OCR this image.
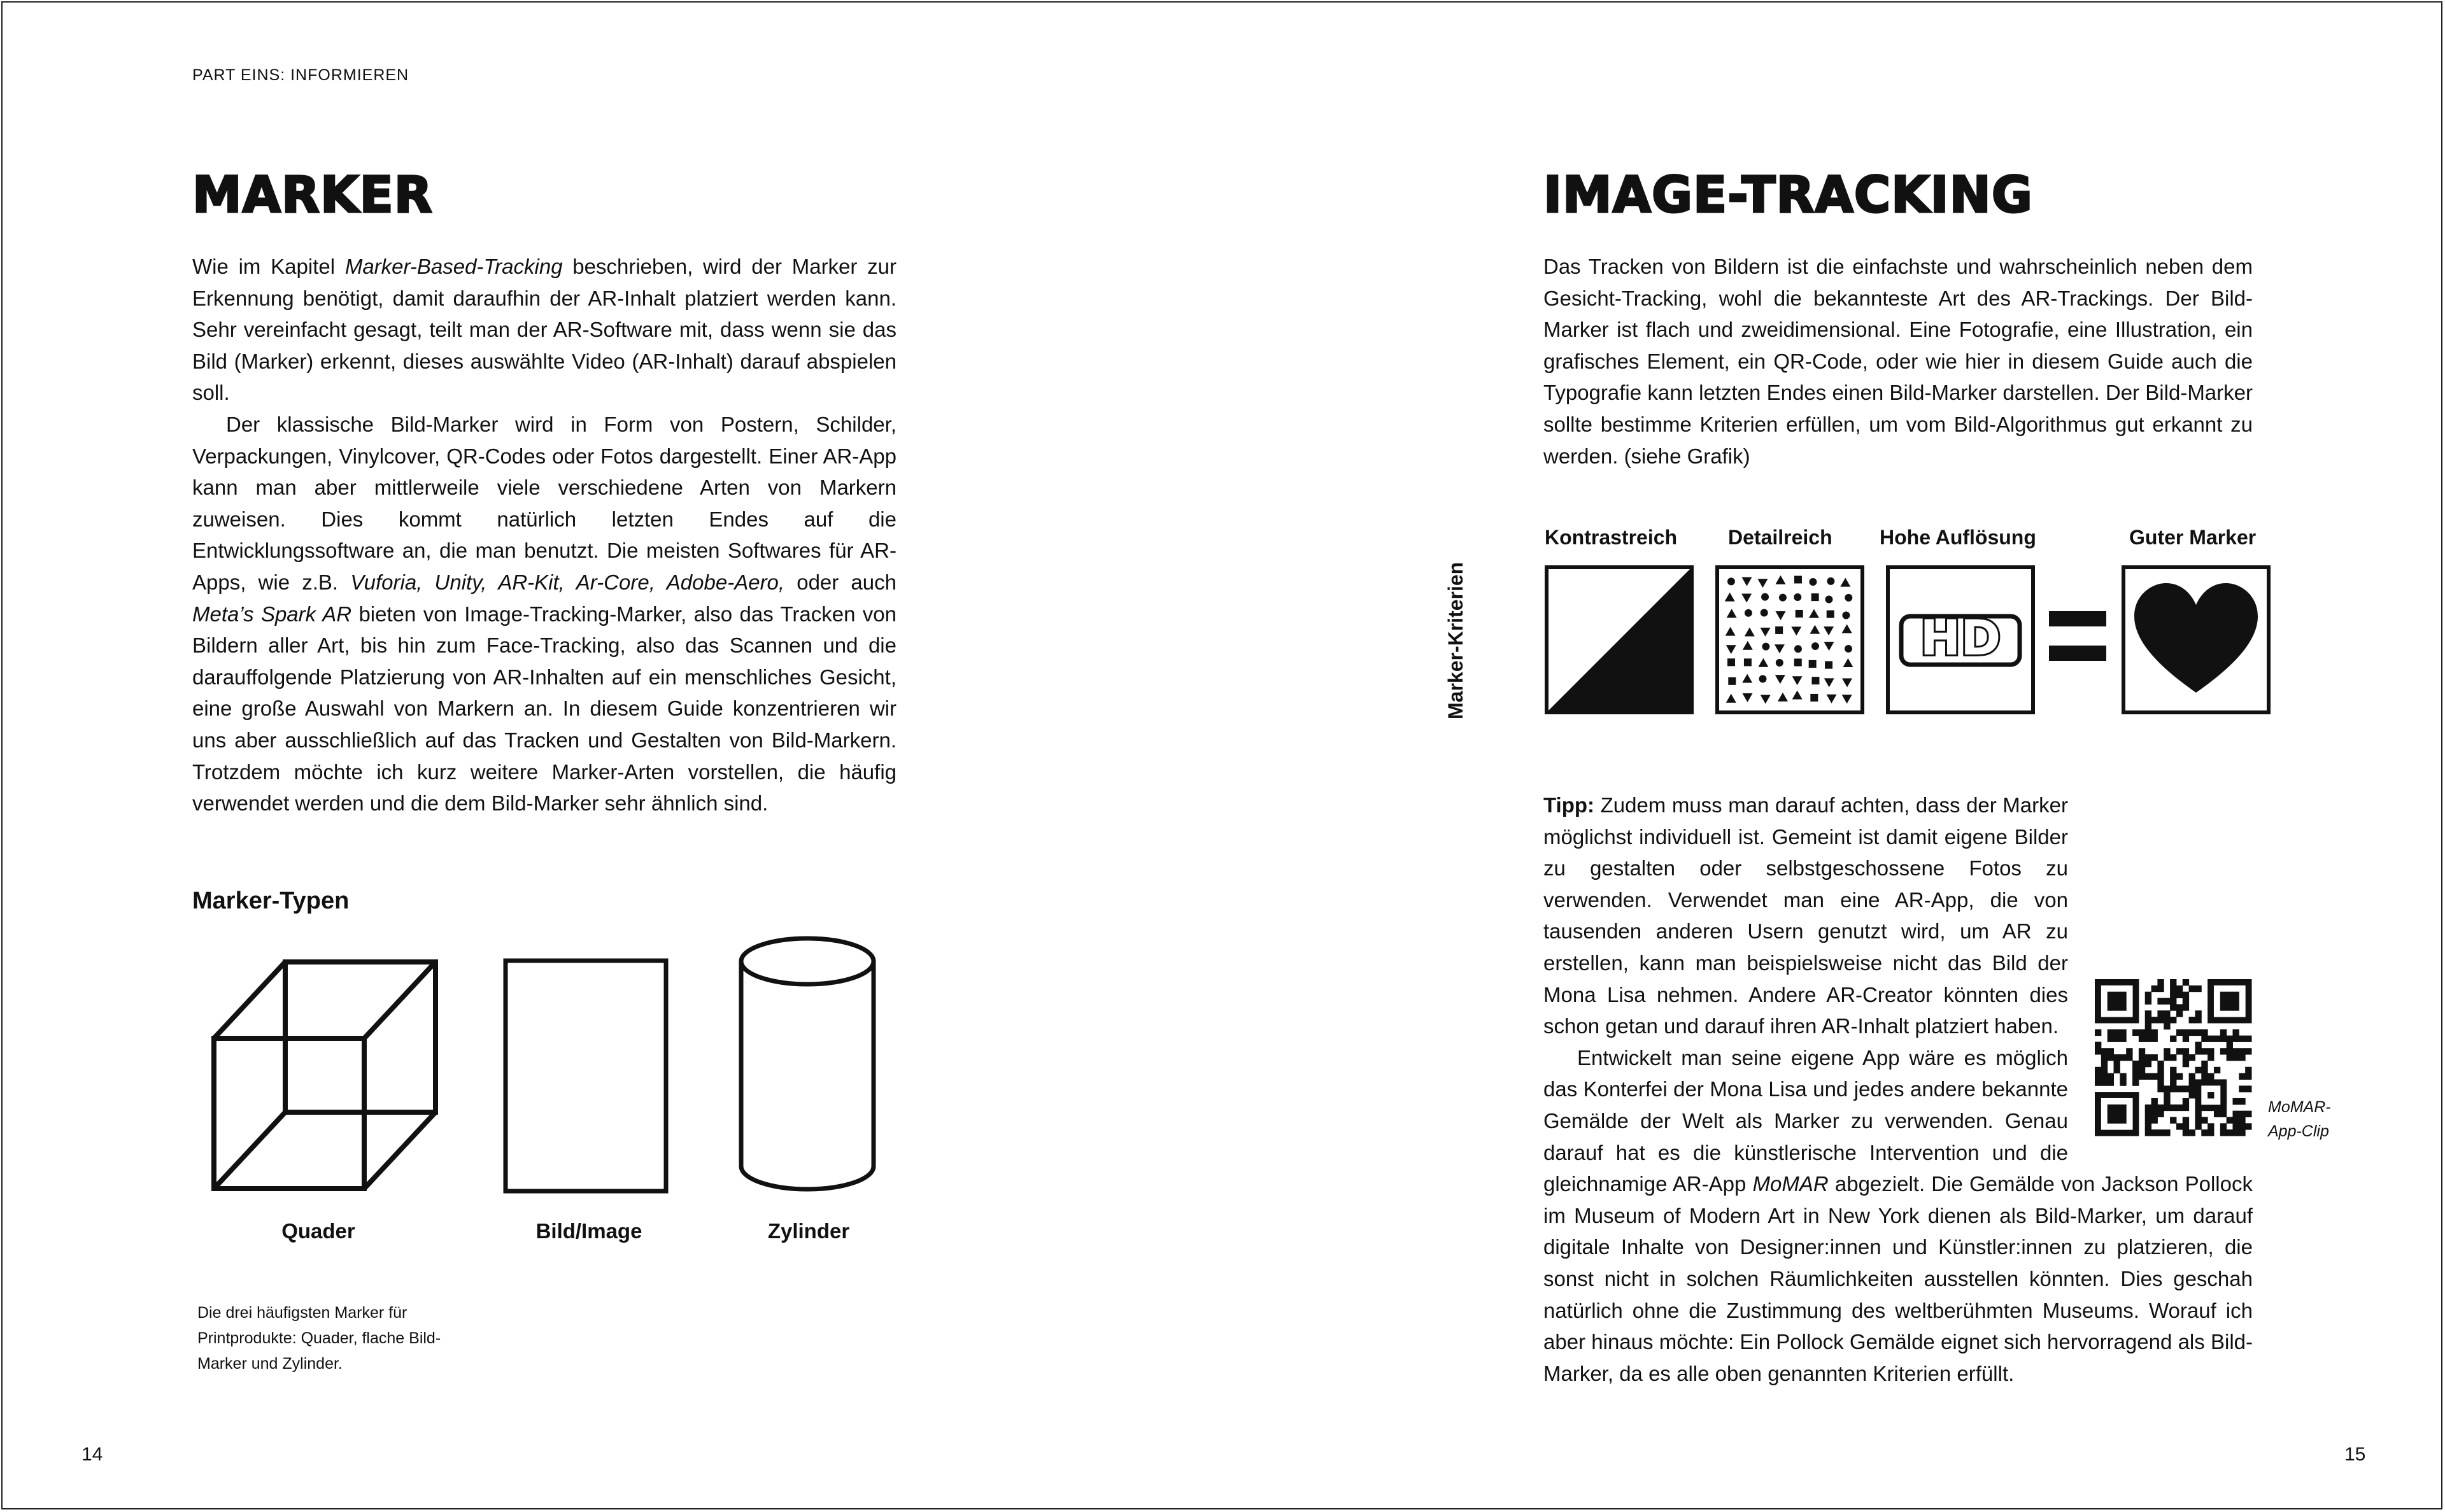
PART EINS: INFORMIEREN
MARKER

Wie im Kapitel Marker-Based-Tracking beschrieben, wird der Marker zur Erkennung benötigt, damit daraufhin der AR-Inhalt platziert werden kann. Sehr vereinfacht gesagt, teilt man der AR-Software mit, dass wenn sie das Bild (Marker) erkennt, dieses auswählte Video (AR-Inhalt) darauf abspielen soll.

Der klassische Bild-Marker wird in Form von Postern, Schilder, Verpackungen, Vinylcover, QR-Codes oder Fotos dargestellt. Einer AR-App kann man aber mittlerweile viele verschiedene Arten von Markern zuweisen. Dies kommt natürlich letzten Endes auf die Entwicklungssoftware an, die man benutzt. Die meisten Softwares für AR-Apps, wie z.B. Vuforia, Unity, AR-Kit, Ar-Core, Adobe-Aero, oder auch Meta’s Spark AR bieten von Image-Tracking-Marker, also das Tracken von Bildern aller Art, bis hin zum Face-Tracking, also das Scannen und die darauffolgende Platzierung von AR-Inhalten auf ein menschliches Gesicht, eine große Auswahl von Markern an. In diesem Guide konzentrieren wir uns aber ausschließlich auf das Tracken und Gestalten von Bild-Markern. Trotzdem möchte ich kurz weitere Marker-Arten vorstellen, die häufig verwendet werden und die dem Bild-Marker sehr ähnlich sind.

Marker-Typen
Quader	Bild/Image	Zylinder
Die drei häufigsten Marker für Printprodukte: Quader, flache Bild-Marker und Zylinder.
14
IMAGE-TRACKING

Das Tracken von Bildern ist die einfachste und wahrscheinlich neben dem Gesicht-Tracking, wohl die bekannteste Art des AR-Trackings. Der Bild-Marker ist flach und zweidimensional. Eine Fotografie, eine Illustration, ein grafisches Element, ein QR-Code, oder wie hier in diesem Guide auch die Typografie kann letzten Endes einen Bild-Marker darstellen. Der Bild-Marker sollte bestimme Kriterien erfüllen, um vom Bild-Algorithmus gut erkannt zu werden. (siehe Grafik)

Marker-Kriterien
Kontrastreich Detailreich Hohe Auflösung	Guter Marker
HD

Tipp: Zudem muss man darauf achten, dass der Marker möglichst individuell ist. Gemeint ist damit eigene Bilder zu gestalten oder selbstgeschossene Fotos zu verwenden. Verwendet man eine AR-App, die von tausenden anderen Usern genutzt wird, um AR zu erstellen, kann man beispielsweise nicht das Bild der Mona Lisa nehmen. Andere AR-Creator könnten dies schon getan und darauf ihren AR-Inhalt platziert haben.

Entwickelt man seine eigene App wäre es möglich das Konterfei der Mona Lisa und jedes andere bekannte Gemälde der Welt als Marker zu verwenden. Genau darauf hat es die künstlerische Intervention und die gleichnamige AR-App MoMAR abgezielt. Die Gemälde von Jackson Pollock im Museum of Modern Art in New York dienen als Bild-Marker, um darauf digitale Inhalte von Designer:innen und Künstler:innen zu platzieren, die sonst nicht in solchen Räumlichkeiten ausstellen könnten. Dies geschah natürlich ohne die Zustimmung des weltberühmten Museums. Worauf ich aber hinaus möchte: Ein Pollock Gemälde eignet sich hervorragend als Bild-Marker, da es alle oben genannten Kriterien erfüllt.

MoMAR-
App-Clip
15
